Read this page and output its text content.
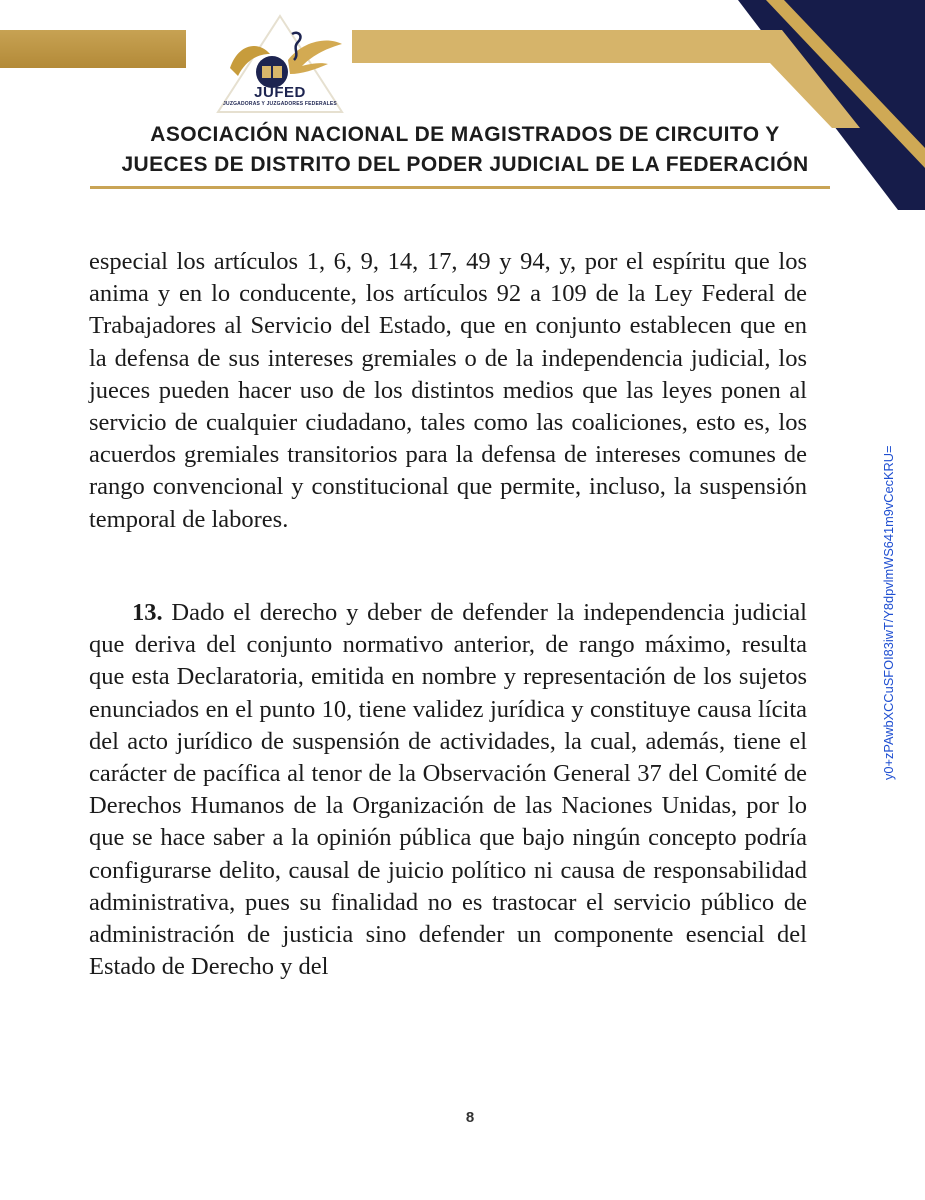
JUFED
JUZGADORAS Y JUZGADORES FEDERALES
ASOCIACIÓN NACIONAL DE MAGISTRADOS DE CIRCUITO Y
JUECES DE DISTRITO DEL PODER JUDICIAL DE LA FEDERACIÓN

especial los artículos 1, 6, 9, 14, 17, 49 y 94, y, por el espíritu que los anima y en lo conducente, los artículos 92 a 109 de la Ley Federal de Trabajadores al Servicio del Estado, que en conjunto establecen que en la defensa de sus intereses gremiales o de la independencia judicial, los jueces pueden hacer uso de los distintos medios que las leyes ponen al servicio de cualquier ciudadano, tales como las coaliciones, esto es, los acuerdos gremiales transitorios para la defensa de intereses comunes de rango convencional y constitucional que permite, incluso, la suspensión temporal de labores.

13. Dado el derecho y deber de defender la independencia judicial que deriva del conjunto normativo anterior, de rango máximo, resulta que esta Declaratoria, emitida en nombre y representación de los sujetos enunciados en el punto 10, tiene validez jurídica y constituye causa lícita del acto jurídico de suspensión de actividades, la cual, además, tiene el carácter de pacífica al tenor de la Observación General 37 del Comité de Derechos Humanos de la Organización de las Naciones Unidas, por lo que se hace saber a la opinión pública que bajo ningún concepto podría configurarse delito, causal de juicio político ni causa de responsabilidad administrativa, pues su finalidad no es trastocar el servicio público de administración de justicia sino defender un componente esencial del Estado de Derecho y del

y0+zPAwbXCCuSFOI83iwT/Y8dpvlmWS641m9vCecKRU=
8
